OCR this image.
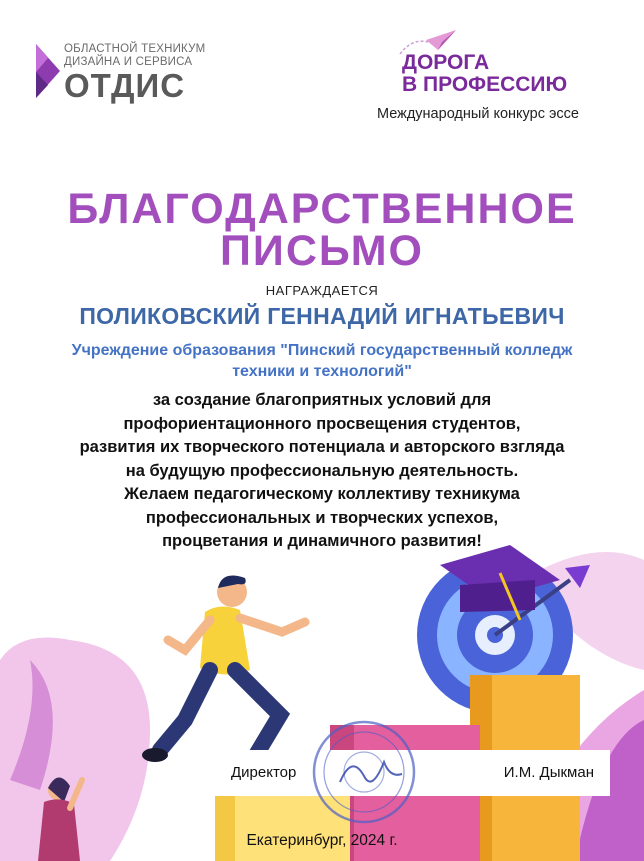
ОБЛАСТНОЙ ТЕХНИКУМ
ДИЗАЙНА И СЕРВИСА
ОТДИС
ДОРОГА
В ПРОФЕССИЮ
Международный конкурс эссе
БЛАГОДАРСТВЕННОЕ
ПИСЬМО
НАГРАЖДАЕТСЯ
ПОЛИКОВСКИЙ ГЕННАДИЙ ИГНАТЬЕВИЧ
Учреждение образования "Пинский государственный колледж
техники и технологий"
за создание благоприятных условий для
профориентационного просвещения студентов,
развития их творческого потенциала и авторского взгляда
на будущую профессиональную деятельность.
Желаем педагогическому коллективу техникума
профессиональных и творческих успехов,
процветания и динамичного развития!
Директор	И.М. Дыкман
Екатеринбург, 2024 г.
